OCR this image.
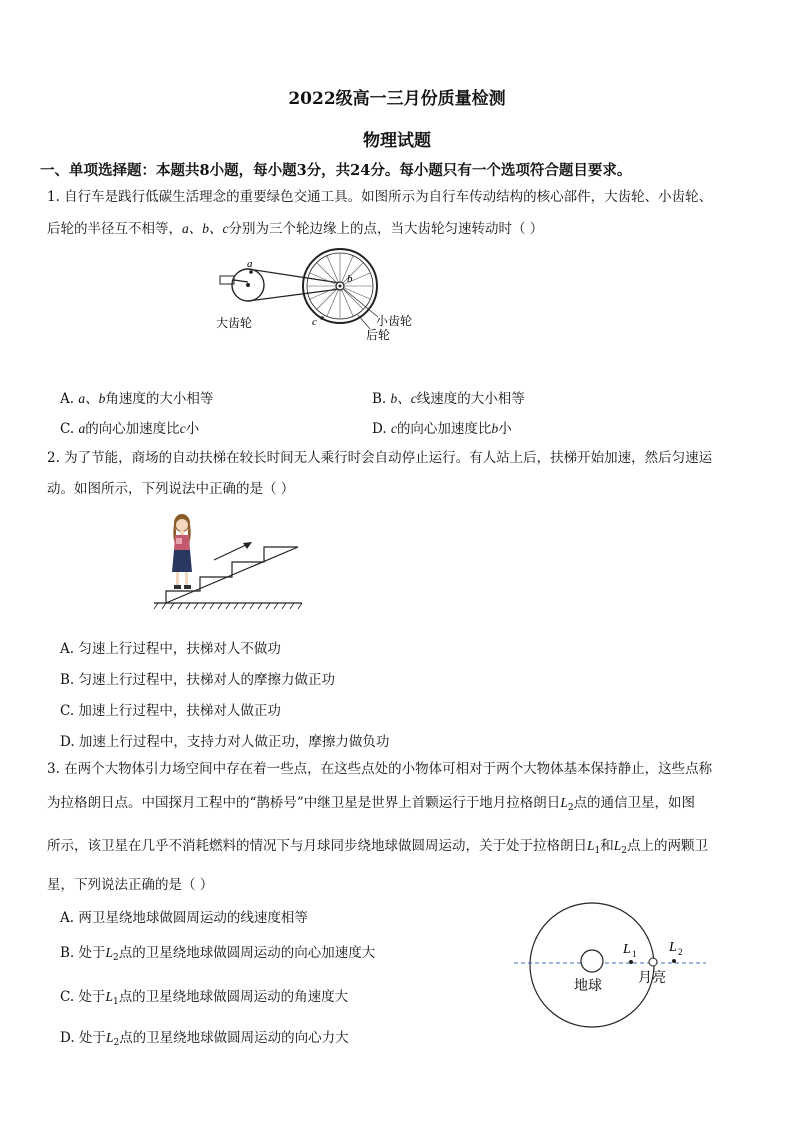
2022级高一三月份质量检测
物理试题
一、单项选择题：本题共8小题，每小题3分，共24分。每小题只有一个选项符合题目要求。
1. 自行车是践行低碳生活理念的重要绿色交通工具。如图所示为自行车传动结构的核心部件，大齿轮、小齿轮、
后轮的半径互不相等，a、b、c分别为三个轮边缘上的点，当大齿轮匀速转动时（ ）
a
b
c
大齿轮	小齿轮
后轮
A. a、b角速度的大小相等	B. b、c线速度的大小相等
C. a的向心加速度比c小	D. c的向心加速度比b小
2. 为了节能，商场的自动扶梯在较长时间无人乘行时会自动停止运行。有人站上后，扶梯开始加速，然后匀速运
动。如图所示，下列说法中正确的是（ ）
A. 匀速上行过程中，扶梯对人不做功
B. 匀速上行过程中，扶梯对人的摩擦力做正功
C. 加速上行过程中，扶梯对人做正功
D. 加速上行过程中，支持力对人做正功，摩擦力做负功
3. 在两个大物体引力场空间中存在着一些点，在这些点处的小物体可相对于两个大物体基本保持静止，这些点称
为拉格朗日点。中国探月工程中的“鹊桥号”中继卫星是世界上首颗运行于地月拉格朗日$L_2$点的通信卫星，如图
所示，该卫星在几乎不消耗燃料的情况下与月球同步绕地球做圆周运动，关于处于拉格朗日$L_1$和$L_2$点上的两颗卫
星，下列说法正确的是（ ）
A. 两卫星绕地球做圆周运动的线速度相等
B. 处于$L_2$点的卫星绕地球做圆周运动的向心加速度大
C. 处于$L_1$点的卫星绕地球做圆周运动的角速度大
D. 处于$L_2$点的卫星绕地球做圆周运动的向心力大
L 1 L 2
地球	月亮
